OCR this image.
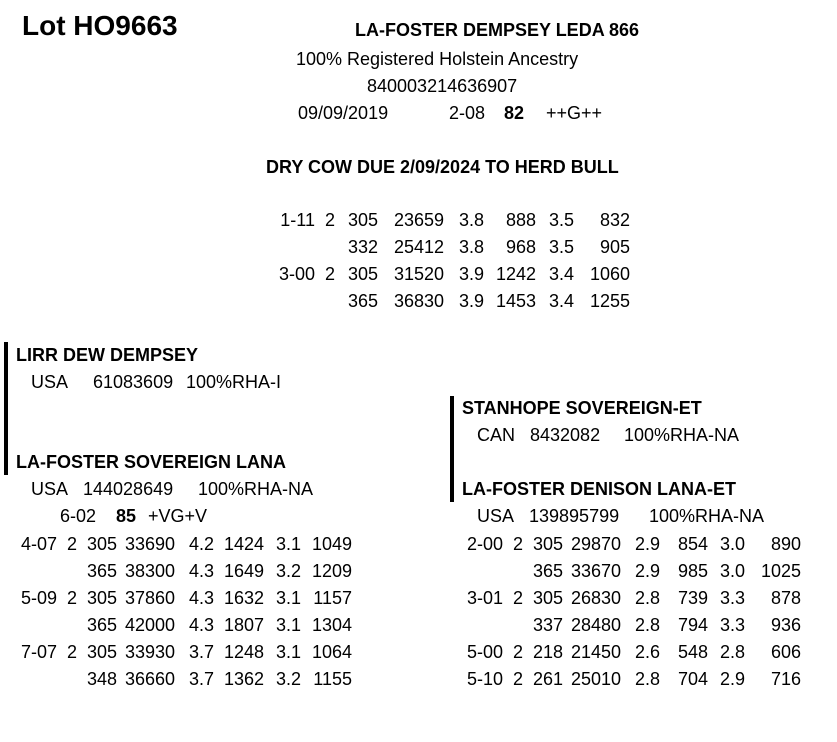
Lot HO9663	LA-FOSTER DEMPSEY LEDA 866
100% Registered Holstein Ancestry
840003214636907
09/09/2019	2-08 82 ++G++
DRY COW DUE 2/09/2024 TO HERD BULL
1-11	2	305	23659	3.8	888	3.5	832
		332	25412	3.8	968	3.5	905
3-00	2	305	31520	3.9	1242	3.4	1060
		365	36830	3.9	1453	3.4	1255
LIRR DEW DEMPSEY
USA 61083609 100%RHA-I
LA-FOSTER SOVEREIGN LANA
USA 144028649 100%RHA-NA
6-02 85 +VG+V
4-07	2	305	33690	4.2	1424	3.1	1049
		365	38300	4.3	1649	3.2	1209
5-09	2	305	37860	4.3	1632	3.1	1157
		365	42000	4.3	1807	3.1	1304
7-07	2	305	33930	3.7	1248	3.1	1064
		348	36660	3.7	1362	3.2	1155
STANHOPE SOVEREIGN-ET
CAN 8432082 100%RHA-NA
LA-FOSTER DENISON LANA-ET
USA 139895799 100%RHA-NA
2-00	2	305	29870	2.9	854	3.0	890
		365	33670	2.9	985	3.0	1025
3-01	2	305	26830	2.8	739	3.3	878
		337	28480	2.8	794	3.3	936
5-00	2	218	21450	2.6	548	2.8	606
5-10	2	261	25010	2.8	704	2.9	716
